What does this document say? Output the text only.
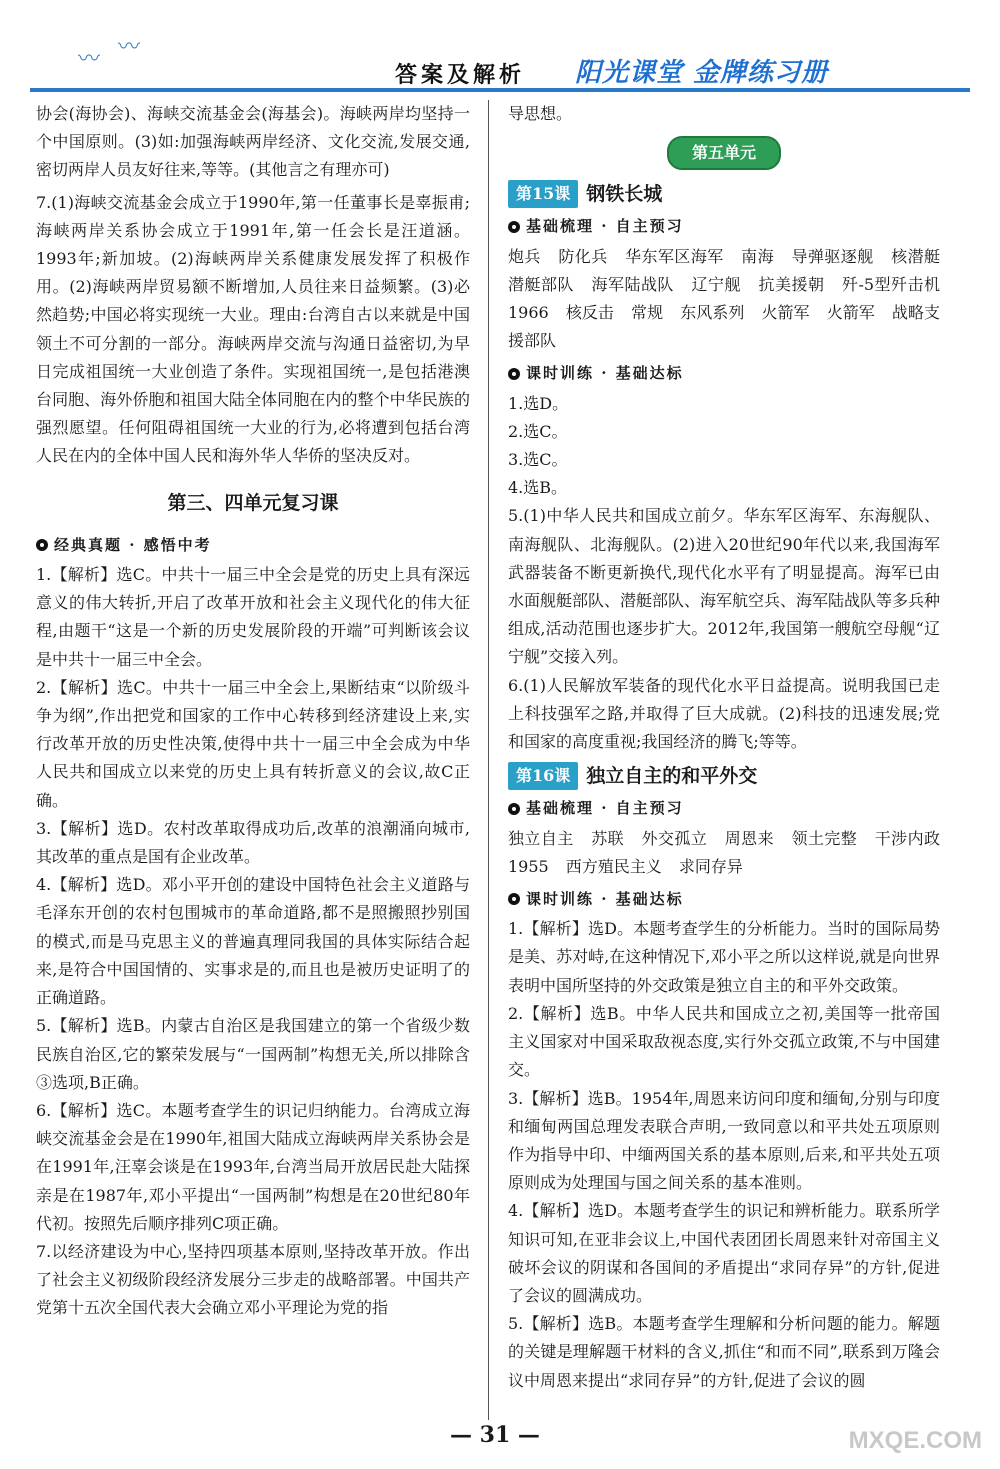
〰 〰
答案及解析 阳光课堂 金牌练习册

协会(海协会)、海峡交流基金会(海基会)。海峡两岸均坚持一个中国原则。(3)如:加强海峡两岸经济、文化交流,发展交通,密切两岸人员友好往来,等等。(其他言之有理亦可)

7.(1)海峡交流基金会成立于1990年,第一任董事长是辜振甫;海峡两岸关系协会成立于1991年,第一任会长是汪道涵。1993年;新加坡。(2)海峡两岸关系健康发展发挥了积极作用。(2)海峡两岸贸易额不断增加,人员往来日益频繁。(3)必然趋势;中国必将实现统一大业。理由:台湾自古以来就是中国领土不可分割的一部分。海峡两岸交流与沟通日益密切,为早日完成祖国统一大业创造了条件。实现祖国统一,是包括港澳台同胞、海外侨胞和祖国大陆全体同胞在内的整个中华民族的强烈愿望。任何阻碍祖国统一大业的行为,必将遭到包括台湾人民在内的全体中国人民和海外华人华侨的坚决反对。

第三、四单元复习课
经典真题 · 感悟中考

1.【解析】选C。中共十一届三中全会是党的历史上具有深远意义的伟大转折,开启了改革开放和社会主义现代化的伟大征程,由题干“这是一个新的历史发展阶段的开端”可判断该会议是中共十一届三中全会。

2.【解析】选C。中共十一届三中全会上,果断结束“以阶级斗争为纲”,作出把党和国家的工作中心转移到经济建设上来,实行改革开放的历史性决策,使得中共十一届三中全会成为中华人民共和国成立以来党的历史上具有转折意义的会议,故C正确。

3.【解析】选D。农村改革取得成功后,改革的浪潮涌向城市,其改革的重点是国有企业改革。

4.【解析】选D。邓小平开创的建设中国特色社会主义道路与毛泽东开创的农村包围城市的革命道路,都不是照搬照抄别国的模式,而是马克思主义的普遍真理同我国的具体实际结合起来,是符合中国国情的、实事求是的,而且也是被历史证明了的正确道路。

5.【解析】选B。内蒙古自治区是我国建立的第一个省级少数民族自治区,它的繁荣发展与“一国两制”构想无关,所以排除含③选项,B正确。

6.【解析】选C。本题考查学生的识记归纳能力。台湾成立海峡交流基金会是在1990年,祖国大陆成立海峡两岸关系协会是在1991年,汪辜会谈是在1993年,台湾当局开放居民赴大陆探亲是在1987年,邓小平提出“一国两制”构想是在20世纪80年代初。按照先后顺序排列C项正确。

7.以经济建设为中心,坚持四项基本原则,坚持改革开放。作出了社会主义初级阶段经济发展分三步走的战略部署。中国共产党第十五次全国代表大会确立邓小平理论为党的指

导思想。

第五单元
第15课 钢铁长城
基础梳理 · 自主预习

炮兵 防化兵 华东军区海军 南海 导弹驱逐舰 核潜艇 潜艇部队 海军陆战队 辽宁舰 抗美援朝 歼-5型歼击机 1966 核反击 常规 东风系列 火箭军 火箭军 战略支援部队

课时训练 · 基础达标

1.选D。

2.选C。

3.选C。

4.选B。

5.(1)中华人民共和国成立前夕。华东军区海军、东海舰队、南海舰队、北海舰队。(2)进入20世纪90年代以来,我国海军武器装备不断更新换代,现代化水平有了明显提高。海军已由水面舰艇部队、潜艇部队、海军航空兵、海军陆战队等多兵种组成,活动范围也逐步扩大。2012年,我国第一艘航空母舰“辽宁舰”交接入列。

6.(1)人民解放军装备的现代化水平日益提高。说明我国已走上科技强军之路,并取得了巨大成就。(2)科技的迅速发展;党和国家的高度重视;我国经济的腾飞;等等。

第16课 独立自主的和平外交
基础梳理 · 自主预习

独立自主 苏联 外交孤立 周恩来 领土完整 干涉内政 1955 西方殖民主义 求同存异

课时训练 · 基础达标

1.【解析】选D。本题考查学生的分析能力。当时的国际局势是美、苏对峙,在这种情况下,邓小平之所以这样说,就是向世界表明中国所坚持的外交政策是独立自主的和平外交政策。

2.【解析】选B。中华人民共和国成立之初,美国等一批帝国主义国家对中国采取敌视态度,实行外交孤立政策,不与中国建交。

3.【解析】选B。1954年,周恩来访问印度和缅甸,分别与印度和缅甸两国总理发表联合声明,一致同意以和平共处五项原则作为指导中印、中缅两国关系的基本原则,后来,和平共处五项原则成为处理国与国之间关系的基本准则。

4.【解析】选D。本题考查学生的识记和辨析能力。联系所学知识可知,在亚非会议上,中国代表团团长周恩来针对帝国主义破坏会议的阴谋和各国间的矛盾提出“求同存异”的方针,促进了会议的圆满成功。

5.【解析】选B。本题考查学生理解和分析问题的能力。解题的关键是理解题干材料的含义,抓住“和而不同”,联系到万隆会议中周恩来提出“求同存异”的方针,促进了会议的圆

— 31 —	MXQE.COM
